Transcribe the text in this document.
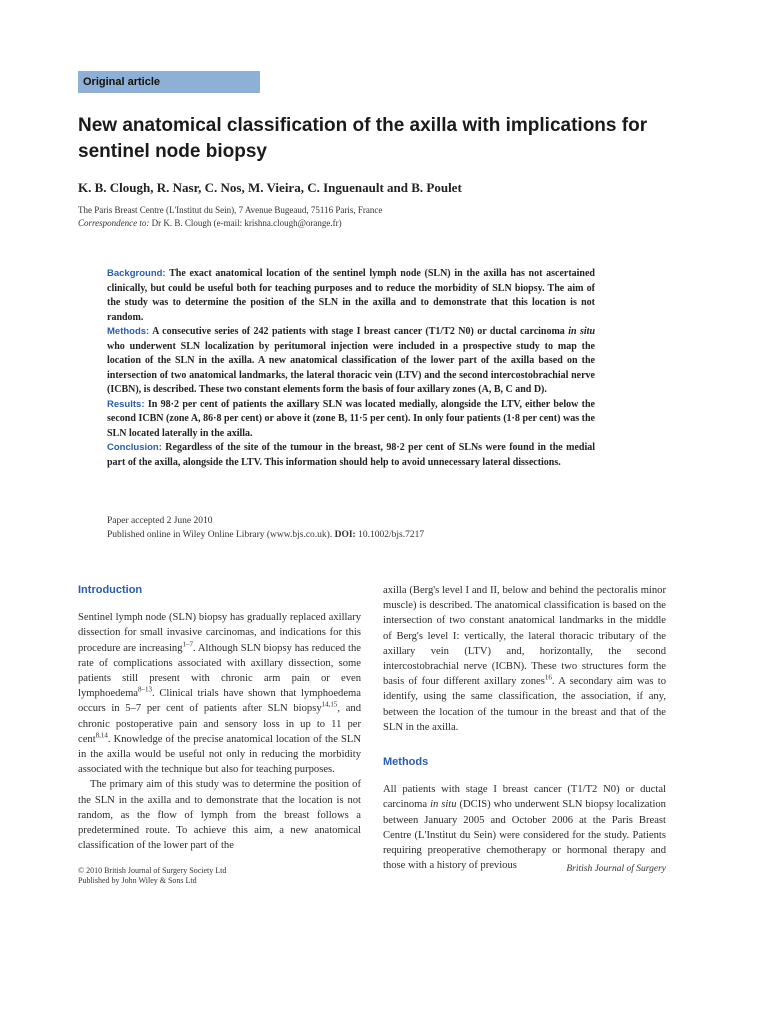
Original article
New anatomical classification of the axilla with implications for sentinel node biopsy
K. B. Clough, R. Nasr, C. Nos, M. Vieira, C. Inguenault and B. Poulet
The Paris Breast Centre (L'Institut du Sein), 7 Avenue Bugeaud, 75116 Paris, France
Correspondence to: Dr K. B. Clough (e-mail: krishna.clough@orange.fr)

Background: The exact anatomical location of the sentinel lymph node (SLN) in the axilla has not ascertained clinically, but could be useful both for teaching purposes and to reduce the morbidity of SLN biopsy. The aim of the study was to determine the position of the SLN in the axilla and to demonstrate that this location is not random.

Methods: A consecutive series of 242 patients with stage I breast cancer (T1/T2 N0) or ductal carcinoma in situ who underwent SLN localization by peritumoral injection were included in a prospective study to map the location of the SLN in the axilla. A new anatomical classification of the lower part of the axilla based on the intersection of two anatomical landmarks, the lateral thoracic vein (LTV) and the second intercostobrachial nerve (ICBN), is described. These two constant elements form the basis of four axillary zones (A, B, C and D).

Results: In 98·2 per cent of patients the axillary SLN was located medially, alongside the LTV, either below the second ICBN (zone A, 86·8 per cent) or above it (zone B, 11·5 per cent). In only four patients (1·8 per cent) was the SLN located laterally in the axilla.

Conclusion: Regardless of the site of the tumour in the breast, 98·2 per cent of SLNs were found in the medial part of the axilla, alongside the LTV. This information should help to avoid unnecessary lateral dissections.

Paper accepted 2 June 2010
Published online in Wiley Online Library (www.bjs.co.uk). DOI: 10.1002/bjs.7217
Introduction

Sentinel lymph node (SLN) biopsy has gradually replaced axillary dissection for small invasive carcinomas, and indications for this procedure are increasing$^{1-7}$. Although SLN biopsy has reduced the rate of complications associated with axillary dissection, some patients still present with chronic arm pain or even lymphoedema$^{8-13}$. Clinical trials have shown that lymphoedema occurs in 5–7 per cent of patients after SLN biopsy$^{14,15}$, and chronic postoperative pain and sensory loss in up to 11 per cent$^{8,14}$. Knowledge of the precise anatomical location of the SLN in the axilla would be useful not only in reducing the morbidity associated with the technique but also for teaching purposes.

The primary aim of this study was to determine the position of the SLN in the axilla and to demonstrate that the location is not random, as the flow of lymph from the breast follows a predetermined route. To achieve this aim, a new anatomical classification of the lower part of the

axilla (Berg's level I and II, below and behind the pectoralis minor muscle) is described. The anatomical classification is based on the intersection of two constant anatomical landmarks in the middle of Berg's level I: vertically, the lateral thoracic tributary of the axillary vein (LTV) and, horizontally, the second intercostobrachial nerve (ICBN). These two structures form the basis of four different axillary zones$^{16}$. A secondary aim was to identify, using the same classification, the association, if any, between the location of the tumour in the breast and that of the SLN in the axilla.

Methods

All patients with stage I breast cancer (T1/T2 N0) or ductal carcinoma in situ (DCIS) who underwent SLN biopsy localization between January 2005 and October 2006 at the Paris Breast Centre (L'Institut du Sein) were considered for the study. Patients requiring preoperative chemotherapy or hormonal therapy and those with a history of previous

© 2010 British Journal of Surgery Society Ltd
Published by John Wiley & Sons Ltd
British Journal of Surgery
